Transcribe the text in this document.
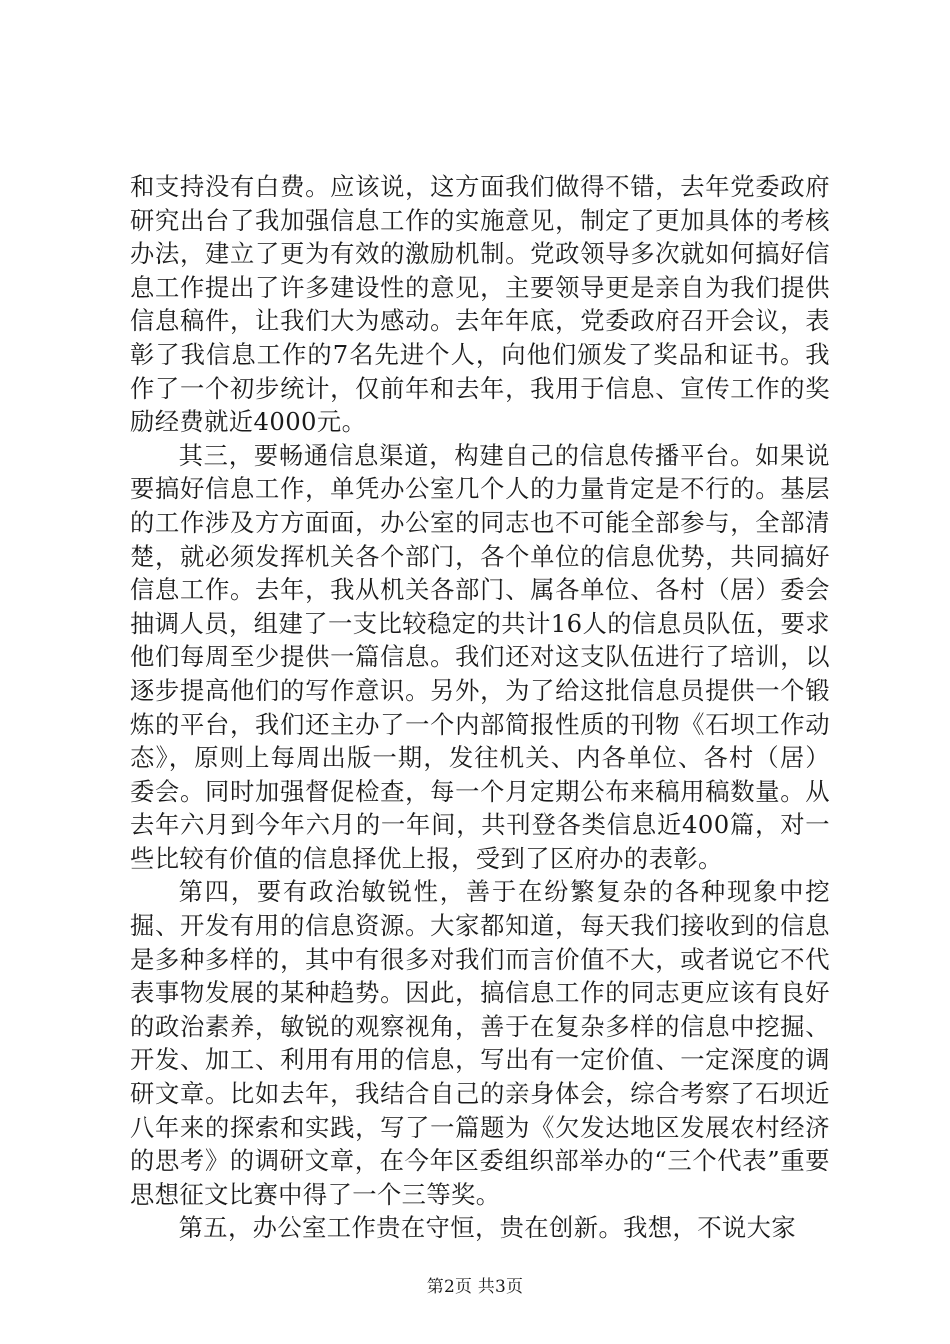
和支持没有白费。应该说，这方面我们做得不错，去年党委政府研究出台了我加强信息工作的实施意见，制定了更加具体的考核办法，建立了更为有效的激励机制。党政领导多次就如何搞好信息工作提出了许多建设性的意见，主要领导更是亲自为我们提供信息稿件，让我们大为感动。去年年底，党委政府召开会议，表彰了我信息工作的7名先进个人，向他们颁发了奖品和证书。我作了一个初步统计，仅前年和去年，我用于信息、宣传工作的奖励经费就近4000元。

其三，要畅通信息渠道，构建自己的信息传播平台。如果说要搞好信息工作，单凭办公室几个人的力量肯定是不行的。基层的工作涉及方方面面，办公室的同志也不可能全部参与，全部清楚，就必须发挥机关各个部门，各个单位的信息优势，共同搞好信息工作。去年，我从机关各部门、属各单位、各村（居）委会抽调人员，组建了一支比较稳定的共计16人的信息员队伍，要求他们每周至少提供一篇信息。我们还对这支队伍进行了培训，以逐步提高他们的写作意识。另外，为了给这批信息员提供一个锻炼的平台，我们还主办了一个内部简报性质的刊物《石坝工作动态》，原则上每周出版一期，发往机关、内各单位、各村（居）委会。同时加强督促检查，每一个月定期公布来稿用稿数量。从去年六月到今年六月的一年间，共刊登各类信息近400篇，对一些比较有价值的信息择优上报，受到了区府办的表彰。

第四，要有政治敏锐性，善于在纷繁复杂的各种现象中挖掘、开发有用的信息资源。大家都知道，每天我们接收到的信息是多种多样的，其中有很多对我们而言价值不大，或者说它不代表事物发展的某种趋势。因此，搞信息工作的同志更应该有良好的政治素养，敏锐的观察视角，善于在复杂多样的信息中挖掘、开发、加工、利用有用的信息，写出有一定价值、一定深度的调研文章。比如去年，我结合自己的亲身体会，综合考察了石坝近八年来的探索和实践，写了一篇题为《欠发达地区发展农村经济的思考》的调研文章，在今年区委组织部举办的“三个代表”重要思想征文比赛中得了一个三等奖。

第五，办公室工作贵在守恒，贵在创新。我想，不说大家

第2页 共3页
